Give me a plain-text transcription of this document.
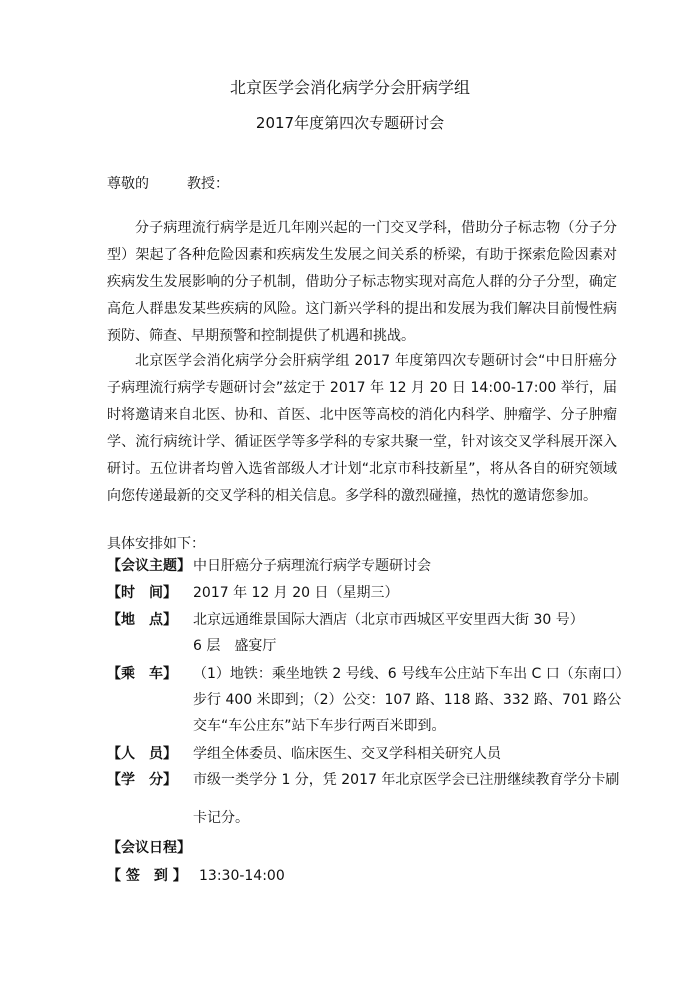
北京医学会消化病学分会肝病学组
2017年度第四次专题研讨会
尊敬的	教授：

分子病理流行病学是近几年刚兴起的一门交叉学科，借助分子标志物（分子分型）架起了各种危险因素和疾病发生发展之间关系的桥梁，有助于探索危险因素对疾病发生发展影响的分子机制，借助分子标志物实现对高危人群的分子分型，确定高危人群患发某些疾病的风险。这门新兴学科的提出和发展为我们解决目前慢性病预防、筛查、早期预警和控制提供了机遇和挑战。

北京医学会消化病学分会肝病学组 2017 年度第四次专题研讨会“中日肝癌分子病理流行病学专题研讨会”兹定于 2017 年 12 月 20 日 14:00-17:00 举行，届时将邀请来自北医、协和、首医、北中医等高校的消化内科学、肿瘤学、分子肿瘤学、流行病统计学、循证医学等多学科的专家共聚一堂，针对该交叉学科展开深入研讨。五位讲者均曾入选省部级人才计划“北京市科技新星”，将从各自的研究领域向您传递最新的交叉学科的相关信息。多学科的激烈碰撞，热忱的邀请您参加。

具体安排如下：
【会议主题】 中日肝癌分子病理流行病学专题研讨会
【时　间】 2017 年 12 月 20 日（星期三）
【地　点】 北京远通维景国际大酒店（北京市西城区平安里西大街 30 号）
6 层　盛宴厅
【乘　车】 （1）地铁：乘坐地铁 2 号线、6 号线车公庄站下车出 C 口（东南口）步行 400 米即到；（2）公交：107 路、118 路、332 路、701 路公交车“车公庄东”站下车步行两百米即到。
【人　员】 学组全体委员、临床医生、交叉学科相关研究人员
【学　分】 市级一类学分 1 分，凭 2017 年北京医学会已注册继续教育学分卡刷卡记分。
【会议日程】
【 签　到 】 13:30-14:00
